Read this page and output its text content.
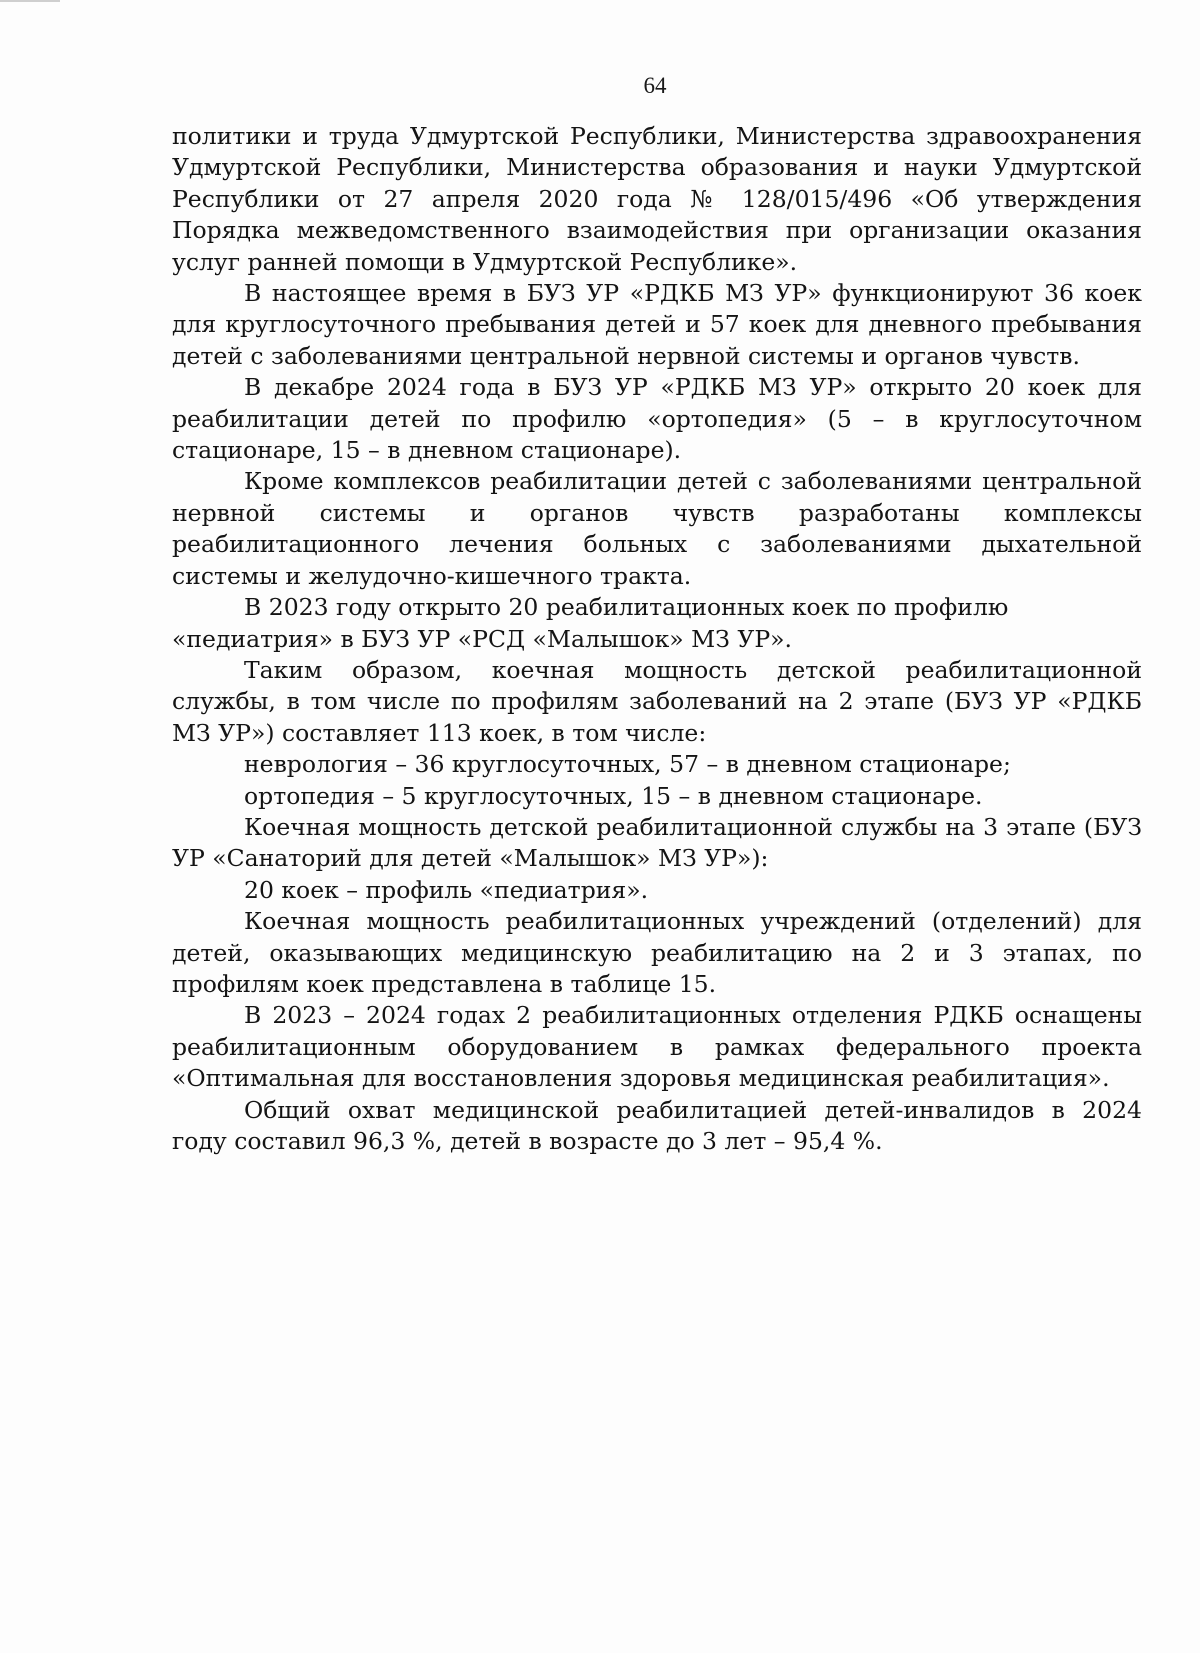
64

политики и труда Удмуртской Республики, Министерства здравоохранения Удмуртской Республики, Министерства образования и науки Удмуртской Республики от 27 апреля 2020 года № 128/015/496 «Об утверждения Порядка межведомственного взаимодействия при организации оказания услуг ранней помощи в Удмуртской Республике».

В настоящее время в БУЗ УР «РДКБ МЗ УР» функционируют 36 коек для круглосуточного пребывания детей и 57 коек для дневного пребывания детей с заболеваниями центральной нервной системы и органов чувств.

В декабре 2024 года в БУЗ УР «РДКБ МЗ УР» открыто 20 коек для реабилитации детей по профилю «ортопедия» (5 – в круглосуточном стационаре, 15 – в дневном стационаре).

Кроме комплексов реабилитации детей с заболеваниями центральной нервной системы и органов чувств разработаны комплексы реабилитационного лечения больных с заболеваниями дыхательной системы и желудочно-кишечного тракта.

В 2023 году открыто 20 реабилитационных коек по профилю «педиатрия» в БУЗ УР «РСД «Малышок» МЗ УР».

Таким образом, коечная мощность детской реабилитационной службы, в том числе по профилям заболеваний на 2 этапе (БУЗ УР «РДКБ МЗ УР») составляет 113 коек, в том числе:

неврология – 36 круглосуточных, 57 – в дневном стационаре;

ортопедия – 5 круглосуточных, 15 – в дневном стационаре.

Коечная мощность детской реабилитационной службы на 3 этапе (БУЗ УР «Санаторий для детей «Малышок» МЗ УР»):

20 коек – профиль «педиатрия».

Коечная мощность реабилитационных учреждений (отделений) для детей, оказывающих медицинскую реабилитацию на 2 и 3 этапах, по профилям коек представлена в таблице 15.

В 2023 – 2024 годах 2 реабилитационных отделения РДКБ оснащены реабилитационным оборудованием в рамках федерального проекта «Оптимальная для восстановления здоровья медицинская реабилитация».

Общий охват медицинской реабилитацией детей-инвалидов в 2024 году составил 96,3 %, детей в возрасте до 3 лет – 95,4 %.
